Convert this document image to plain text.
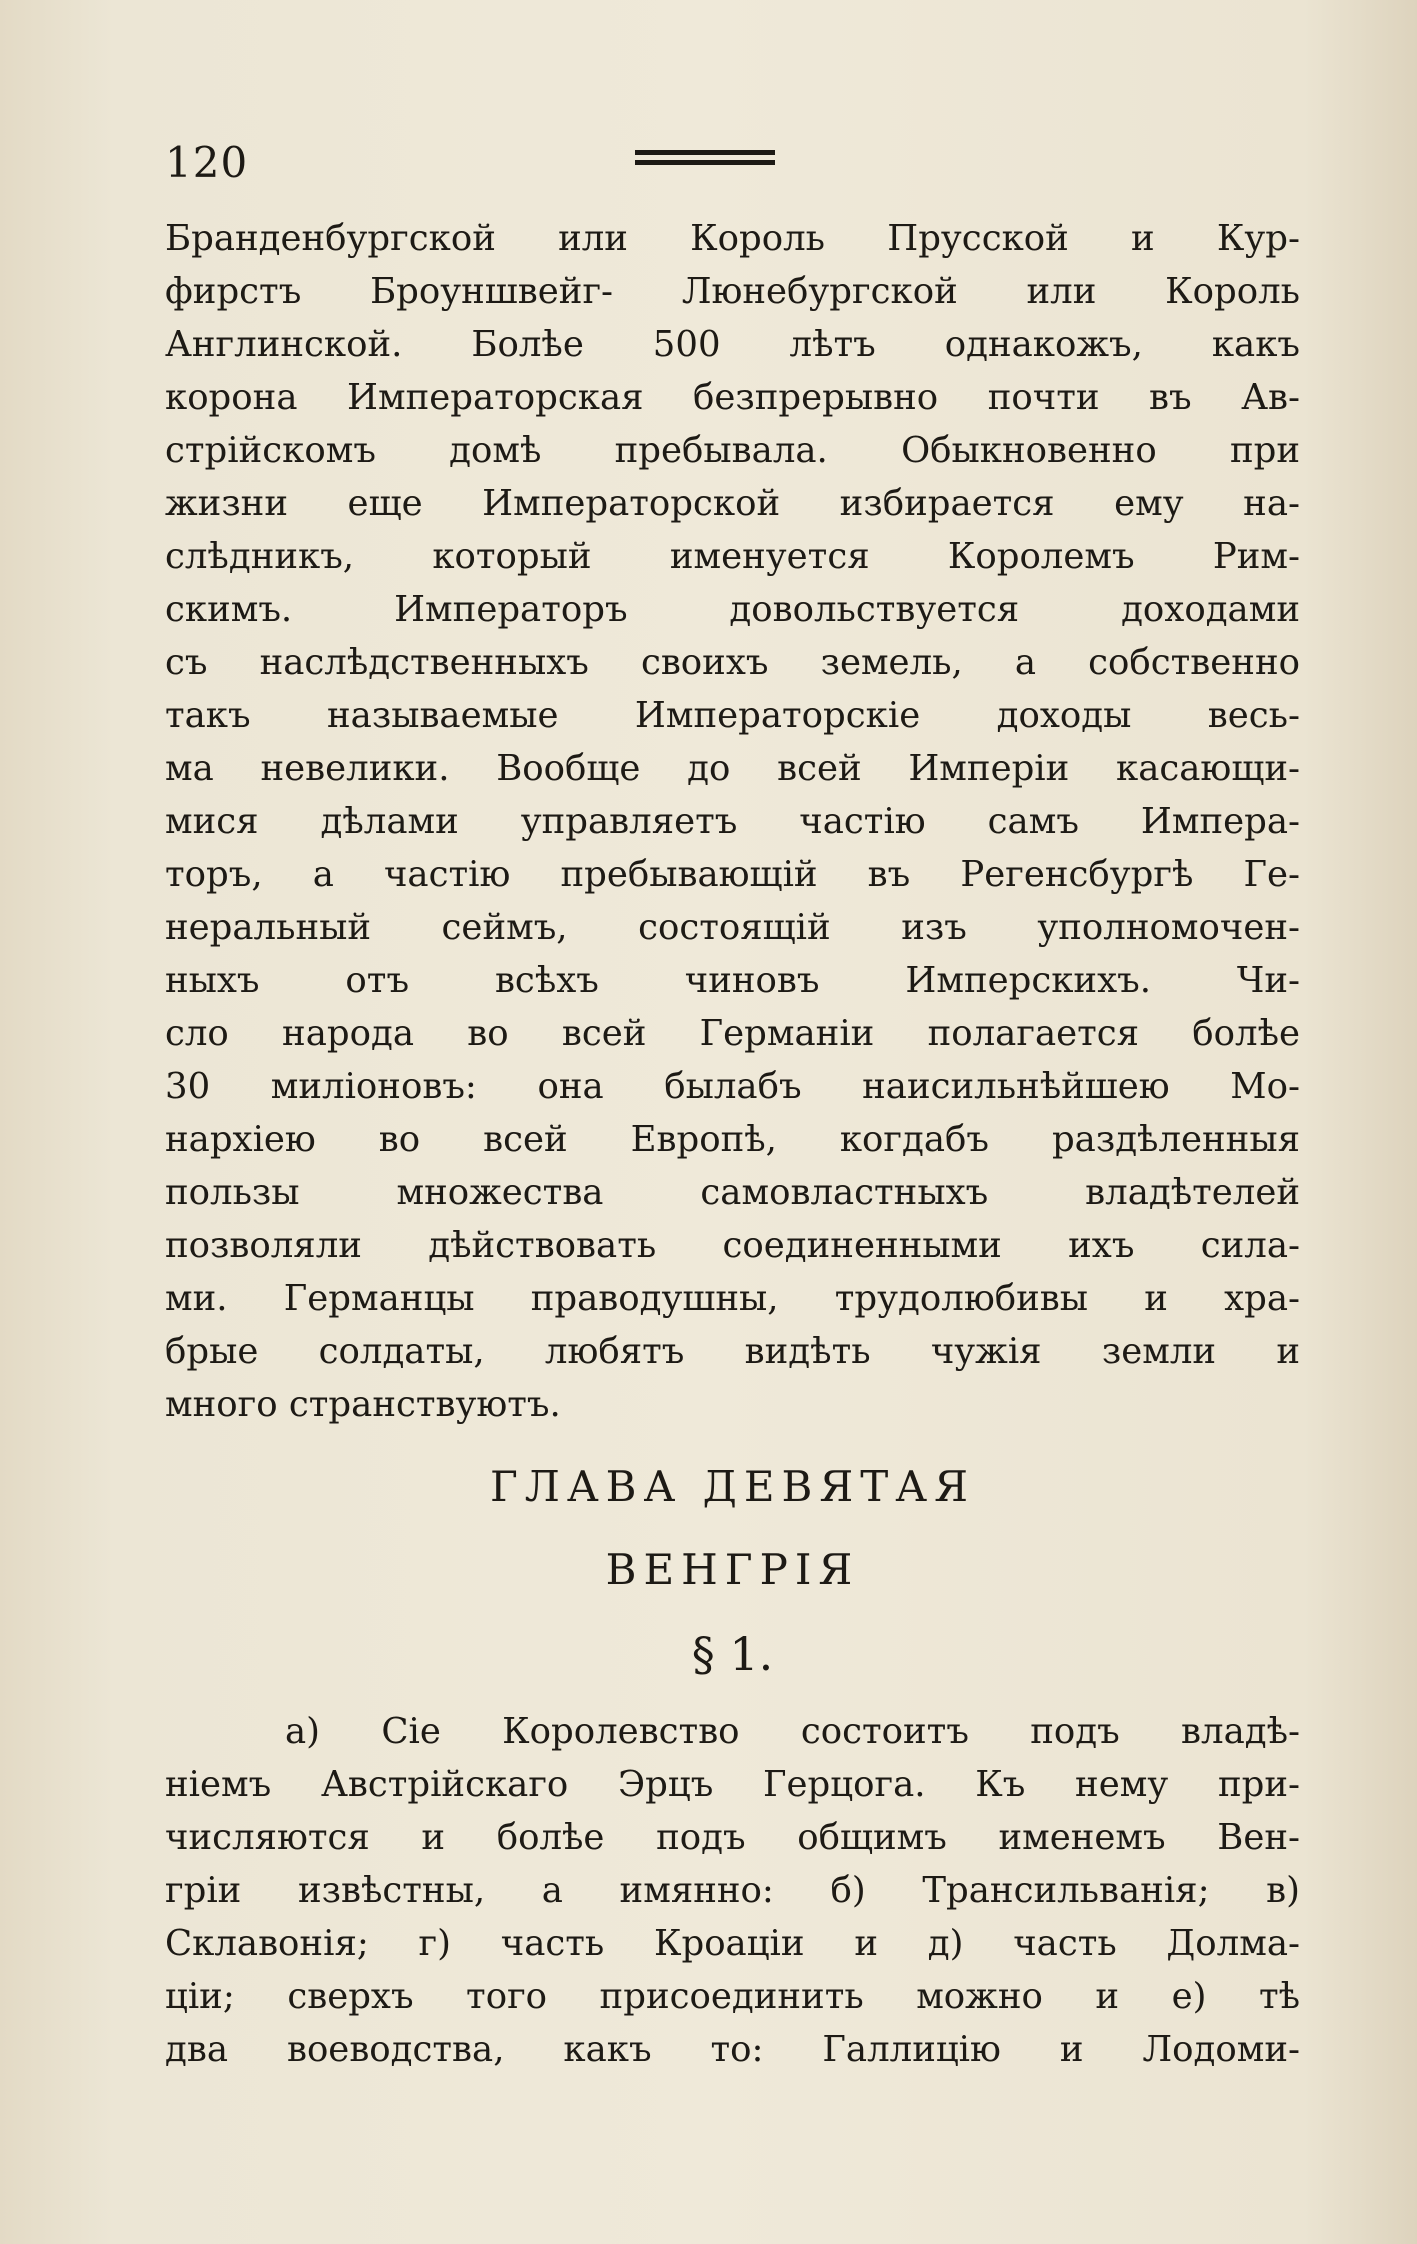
120
Бранденбургской или Король Прусской и Кур-
фирстъ Броуншвейг- Люнебургской или Король
Англинской. Болѣе 500 лѣтъ однакожъ, какъ
корона Императорская безпрерывно почти въ Ав-
стрiйскомъ домѣ пребывала. Обыкновенно при
жизни еще Императорской избирается ему на-
слѣдникъ, который именуется Королемъ Рим-
скимъ. Императоръ довольствуется доходами
съ наслѣдственныхъ своихъ земель, а собственно
такъ называемые Императорскiе доходы весь-
ма невелики. Вообще до всей Имперiи касающи-
мися дѣлами управляетъ частiю самъ Импера-
торъ, а частiю пребывающiй въ Регенсбургѣ Ге-
неральный сеймъ, состоящiй изъ уполномочен-
ныхъ отъ всѣхъ чиновъ Имперскихъ. Чи-
сло народа во всей Германiи полагается болѣе
30 милiоновъ: она былабъ наисильнѣйшею Мо-
нархiею во всей Европѣ, когдабъ раздѣленныя
пользы множества самовластныхъ владѣтелей
позволяли дѣйствовать соединенными ихъ сила-
ми. Германцы праводушны, трудолюбивы и хра-
брые солдаты, любятъ видѣть чужiя земли и
много странствуютъ.
ГЛАВА ДЕВЯТАЯ
ВЕНГРIЯ
§ 1.
а) Сiе Королевство состоитъ подъ владѣ-
нiемъ Австрiйскаго Эрцъ Герцога. Къ нему при-
числяются и болѣе подъ общимъ именемъ Вен-
грiи извѣстны, а имянно: б) Трансильванiя; в)
Склавонiя; г) часть Кроацiи и д) часть Долма-
цiи; сверхъ того присоединить можно и е) тѣ
два воеводства, какъ то: Галлицiю и Лодоми-
